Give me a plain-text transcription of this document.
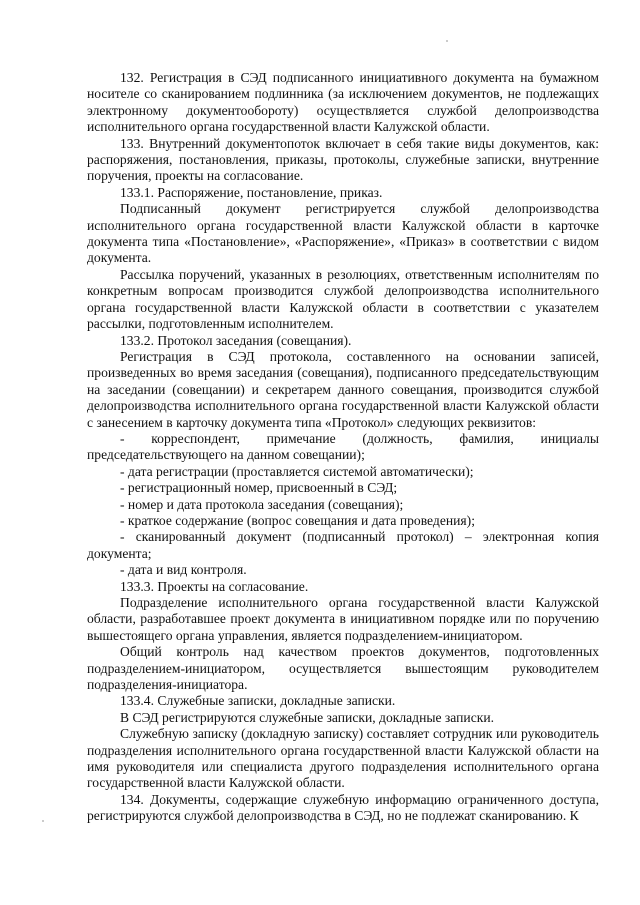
132. Регистрация в СЭД подписанного инициативного документа на бумажном носителе со сканированием подлинника (за исключением документов, не подлежащих электронному документообороту) осуществляется службой делопроизводства исполнительного органа государственной власти Калужской области.

133. Внутренний документопоток включает в себя такие виды документов, как: распоряжения, постановления, приказы, протоколы, служебные записки, внутренние поручения, проекты на согласование.

133.1. Распоряжение, постановление, приказ.

Подписанный документ регистрируется службой делопроизводства исполнительного органа государственной власти Калужской области в карточке документа типа «Постановление», «Распоряжение», «Приказ» в соответствии с видом документа.

Рассылка поручений, указанных в резолюциях, ответственным исполнителям по конкретным вопросам производится службой делопроизводства исполнительного органа государственной власти Калужской области в соответствии с указателем рассылки, подготовленным исполнителем.

133.2. Протокол заседания (совещания).

Регистрация в СЭД протокола, составленного на основании записей, произведенных во время заседания (совещания), подписанного председательствующим на заседании (совещании) и секретарем данного совещания, производится службой делопроизводства исполнительного органа государственной власти Калужской области с занесением в карточку документа типа «Протокол» следующих реквизитов:

- корреспондент, примечание (должность, фамилия, инициалы председательствующего на данном совещании);

- дата регистрации (проставляется системой автоматически);

- регистрационный номер, присвоенный в СЭД;

- номер и дата протокола заседания (совещания);

- краткое содержание (вопрос совещания и дата проведения);

- сканированный документ (подписанный протокол) – электронная копия документа;

- дата и вид контроля.

133.3. Проекты на согласование.

Подразделение исполнительного органа государственной власти Калужской области, разработавшее проект документа в инициативном порядке или по поручению вышестоящего органа управления, является подразделением-инициатором.

Общий контроль над качеством проектов документов, подготовленных подразделением-инициатором, осуществляется вышестоящим руководителем подразделения-инициатора.

133.4. Служебные записки, докладные записки.

В СЭД регистрируются служебные записки, докладные записки.

Служебную записку (докладную записку) составляет сотрудник или руководитель подразделения исполнительного органа государственной власти Калужской области на имя руководителя или специалиста другого подразделения исполнительного органа государственной власти Калужской области.

134. Документы, содержащие служебную информацию ограниченного доступа, регистрируются службой делопроизводства в СЭД, но не подлежат сканированию. К
